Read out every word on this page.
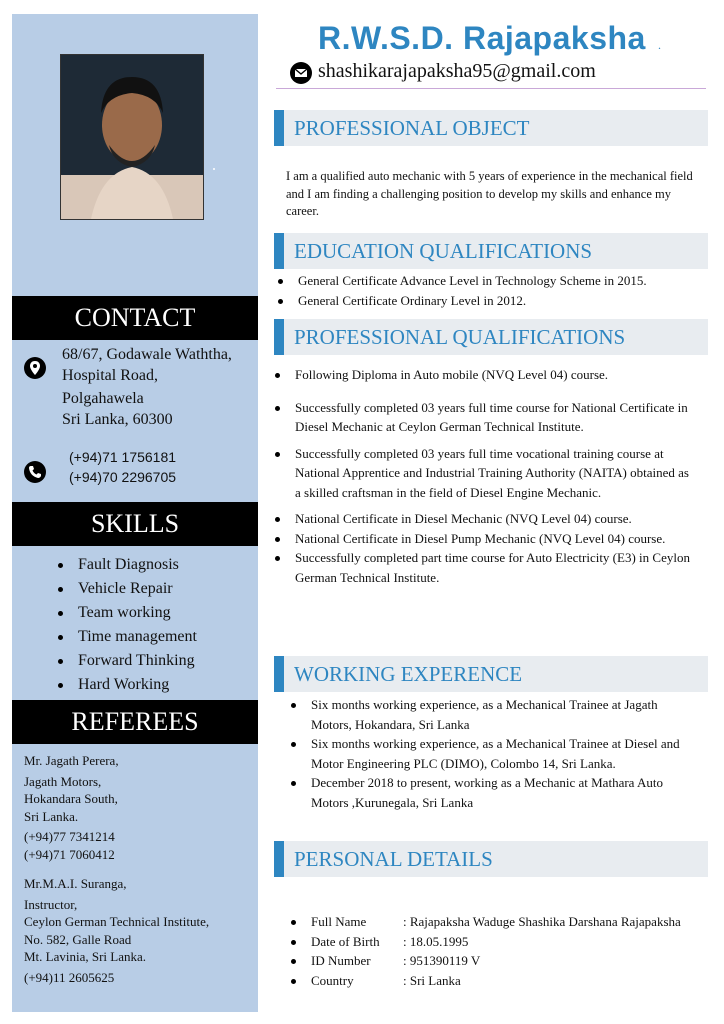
CONTACT
68/67, Godawale Waththa,
Hospital Road,
Polgahawela
Sri Lanka, 60300
(+94)71 1756181
(+94)70 2296705
SKILLS
Fault Diagnosis
Vehicle Repair
Team working
Time management
Forward Thinking
Hard Working
REFEREES
Mr. Jagath Perera,
Jagath Motors,
Hokandara South,
Sri Lanka.
(+94)77 7341214
(+94)71 7060412
Mr.M.A.I. Suranga,
Instructor,
Ceylon German Technical Institute,
No. 582, Galle Road
Mt. Lavinia, Sri Lanka.
(+94)11 2605625
R.W.S.D. Rajapaksha .
shashikarajapaksha95@gmail.com
PROFESSIONAL OBJECT
I am a qualified auto mechanic with 5 years of experience in the mechanical field and I am finding a challenging position to develop my skills and enhance my career.
EDUCATION QUALIFICATIONS
General Certificate Advance Level in Technology Scheme in 2015.
General Certificate Ordinary Level in 2012.
PROFESSIONAL QUALIFICATIONS
Following Diploma in Auto mobile (NVQ Level 04) course.
Successfully completed 03 years full time course for National Certificate in Diesel Mechanic at Ceylon German Technical Institute.
Successfully completed 03 years full time vocational training course at National Apprentice and Industrial Training Authority (NAITA) obtained as a skilled craftsman in the field of Diesel Engine Mechanic.
National Certificate in Diesel Mechanic (NVQ Level 04) course.
National Certificate in Diesel Pump Mechanic (NVQ Level 04) course.
Successfully completed part time course for Auto Electricity (E3) in Ceylon German Technical Institute.
WORKING EXPERENCE
Six months working experience, as a Mechanical Trainee at Jagath Motors, Hokandara, Sri Lanka
Six months working experience, as a Mechanical Trainee at Diesel and Motor Engineering PLC (DIMO), Colombo 14, Sri Lanka.
December 2018 to present, working as a Mechanic at Mathara Auto Motors ,Kurunegala, Sri Lanka
PERSONAL DETAILS
Full Name	: Rajapaksha Waduge Shashika Darshana Rajapaksha
Date of Birth	: 18.05.1995
ID Number	: 951390119 V
Country	: Sri Lanka
